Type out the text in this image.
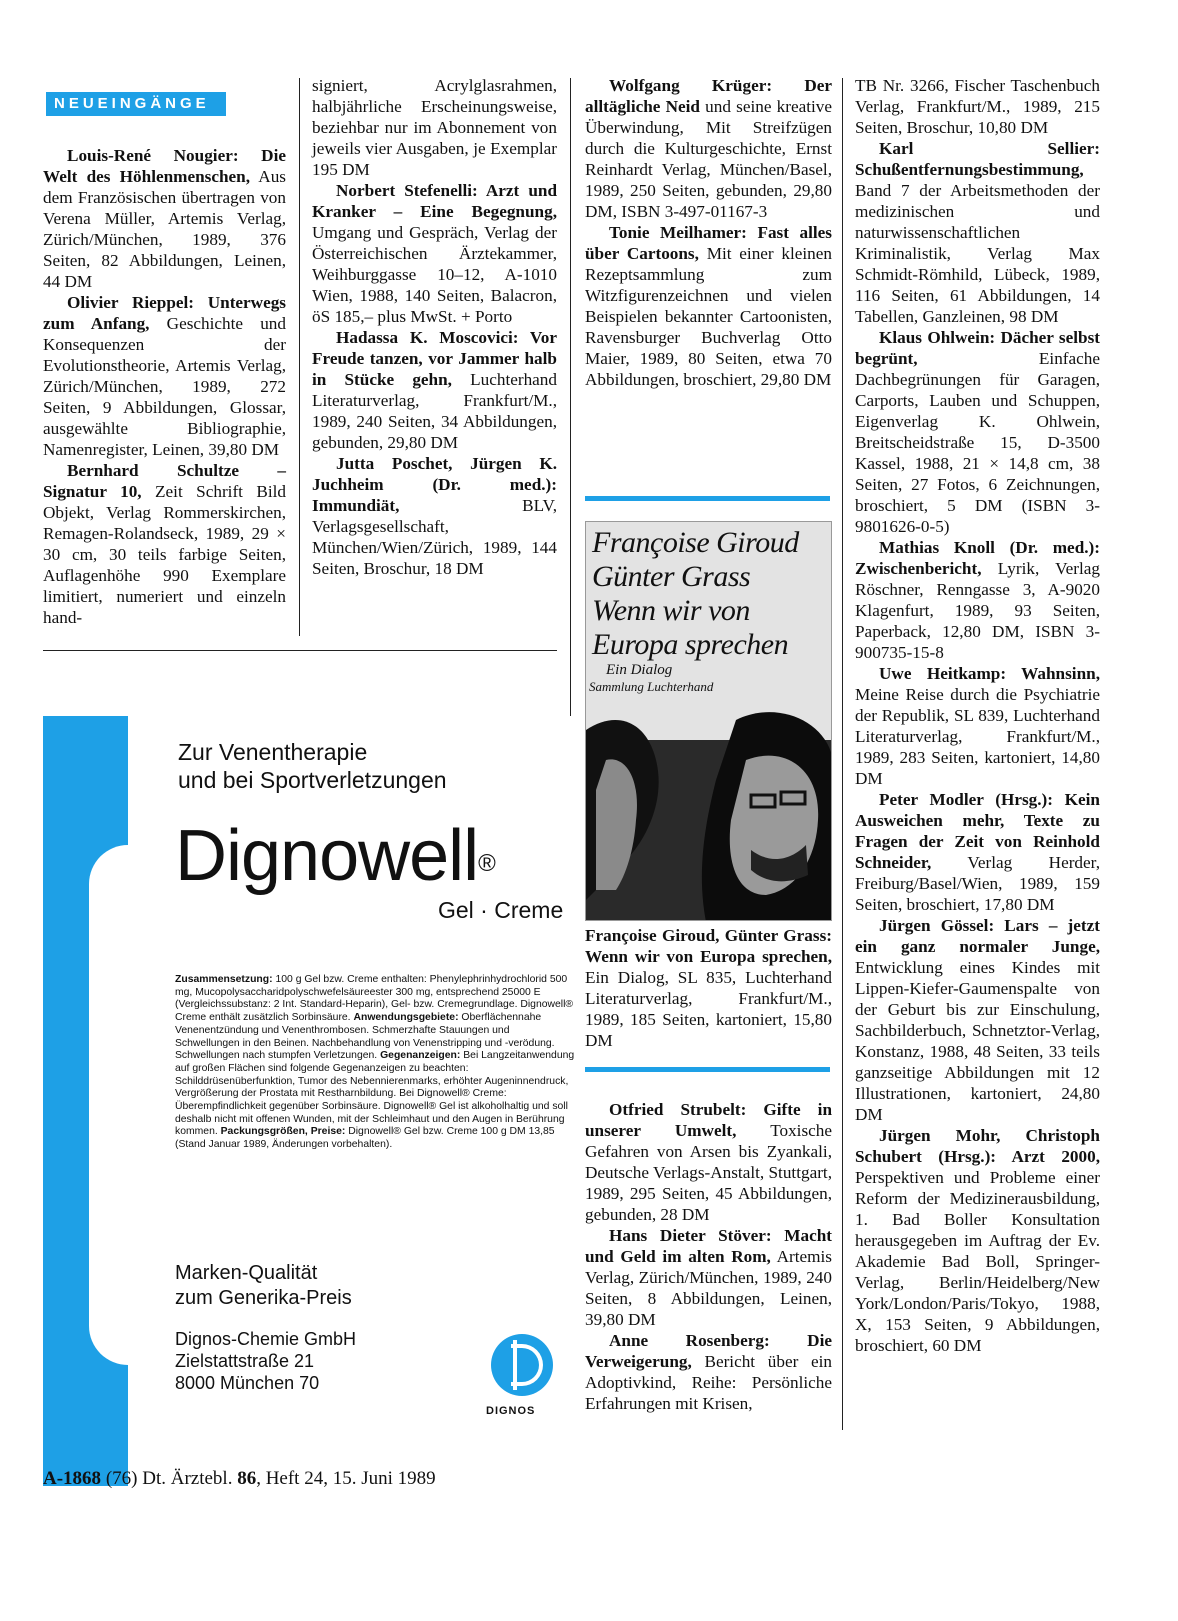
NEUEINGÄNGE

Louis-René Nougier: Die Welt des Höhlenmenschen, Aus dem Französischen übertragen von Verena Müller, Artemis Verlag, Zürich/München, 1989, 376 Seiten, 82 Abbildungen, Leinen, 44 DM

Olivier Rieppel: Unterwegs zum Anfang, Geschichte und Konsequenzen der Evolutionstheorie, Artemis Verlag, Zürich/München, 1989, 272 Seiten, 9 Abbildungen, Glossar, ausgewählte Bibliographie, Namenregister, Leinen, 39,80 DM

Bernhard Schultze – Signatur 10, Zeit Schrift Bild Objekt, Verlag Rommerskirchen, Remagen-Rolandseck, 1989, 29 × 30 cm, 30 teils farbige Seiten, Auflagenhöhe 990 Exemplare limitiert, numeriert und einzeln hand-

signiert, Acrylglasrahmen, halbjährliche Erscheinungsweise, beziehbar nur im Abonnement von jeweils vier Ausgaben, je Exemplar 195 DM

Norbert Stefenelli: Arzt und Kranker – Eine Begegnung, Umgang und Gespräch, Verlag der Österreichischen Ärztekammer, Weihburggasse 10–12, A-1010 Wien, 1988, 140 Seiten, Balacron, öS 185,– plus MwSt. + Porto

Hadassa K. Moscovici: Vor Freude tanzen, vor Jammer halb in Stücke gehn, Luchterhand Literaturverlag, Frankfurt/M., 1989, 240 Seiten, 34 Abbildungen, gebunden, 29,80 DM

Jutta Poschet, Jürgen K. Juchheim (Dr. med.): Immundiät, BLV, Verlagsgesellschaft, München/Wien/Zürich, 1989, 144 Seiten, Broschur, 18 DM

Wolfgang Krüger: Der alltägliche Neid und seine kreative Überwindung, Mit Streifzügen durch die Kulturgeschichte, Ernst Reinhardt Verlag, München/Basel, 1989, 250 Seiten, gebunden, 29,80 DM, ISBN 3-497-01167-3

Tonie Meilhamer: Fast alles über Cartoons, Mit einer kleinen Rezeptsammlung zum Witzfigurenzeichnen und vielen Beispielen bekannter Cartoonisten, Ravensburger Buchverlag Otto Maier, 1989, 80 Seiten, etwa 70 Abbildungen, broschiert, 29,80 DM

Françoise Giroud
Günter Grass
Wenn wir von
Europa sprechen
Ein Dialog
Sammlung Luchterhand

Françoise Giroud, Günter Grass: Wenn wir von Europa sprechen, Ein Dialog, SL 835, Luchterhand Literaturverlag, Frankfurt/M., 1989, 185 Seiten, kartoniert, 15,80 DM

Otfried Strubelt: Gifte in unserer Umwelt, Toxische Gefahren von Arsen bis Zyankali, Deutsche Verlags-Anstalt, Stuttgart, 1989, 295 Seiten, 45 Abbildungen, gebunden, 28 DM

Hans Dieter Stöver: Macht und Geld im alten Rom, Artemis Verlag, Zürich/München, 1989, 240 Seiten, 8 Abbildungen, Leinen, 39,80 DM

Anne Rosenberg: Die Verweigerung, Bericht über ein Adoptivkind, Reihe: Persönliche Erfahrungen mit Krisen,

TB Nr. 3266, Fischer Taschenbuch Verlag, Frankfurt/M., 1989, 215 Seiten, Broschur, 10,80 DM

Karl Sellier: Schußentfernungsbestimmung, Band 7 der Arbeitsmethoden der medizinischen und naturwissenschaftlichen Kriminalistik, Verlag Max Schmidt-Römhild, Lübeck, 1989, 116 Seiten, 61 Abbildungen, 14 Tabellen, Ganzleinen, 98 DM

Klaus Ohlwein: Dächer selbst begrünt, Einfache Dachbegrünungen für Garagen, Carports, Lauben und Schuppen, Eigenverlag K. Ohlwein, Breitscheidstraße 15, D-3500 Kassel, 1988, 21 × 14,8 cm, 38 Seiten, 27 Fotos, 6 Zeichnungen, broschiert, 5 DM (ISBN 3-9801626-0-5)

Mathias Knoll (Dr. med.): Zwischenbericht, Lyrik, Verlag Röschner, Renngasse 3, A-9020 Klagenfurt, 1989, 93 Seiten, Paperback, 12,80 DM, ISBN 3-900735-15-8

Uwe Heitkamp: Wahnsinn, Meine Reise durch die Psychiatrie der Republik, SL 839, Luchterhand Literaturverlag, Frankfurt/M., 1989, 283 Seiten, kartoniert, 14,80 DM

Peter Modler (Hrsg.): Kein Ausweichen mehr, Texte zu Fragen der Zeit von Reinhold Schneider, Verlag Herder, Freiburg/Basel/Wien, 1989, 159 Seiten, broschiert, 17,80 DM

Jürgen Gössel: Lars – jetzt ein ganz normaler Junge, Entwicklung eines Kindes mit Lippen-Kiefer-Gaumenspalte von der Geburt bis zur Einschulung, Sachbilderbuch, Schnetztor-Verlag, Konstanz, 1988, 48 Seiten, 33 teils ganzseitige Abbildungen mit 12 Illustrationen, kartoniert, 24,80 DM

Jürgen Mohr, Christoph Schubert (Hrsg.): Arzt 2000, Perspektiven und Probleme einer Reform der Medizinerausbildung, 1. Bad Boller Konsultation herausgegeben im Auftrag der Ev. Akademie Bad Boll, Springer-Verlag, Berlin/Heidelberg/New York/London/Paris/Tokyo, 1988, X, 153 Seiten, 9 Abbildungen, broschiert, 60 DM

Zur Venentherapie
und bei Sportverletzungen
Dignowell®
Gel · Creme
Zusammensetzung: 100 g Gel bzw. Creme enthalten: Phenylephrinhydrochlorid 500 mg, Mucopolysaccharidpolyschwefelsäureester 300 mg, entsprechend 25000 E (Vergleichssubstanz: 2 Int. Standard-Heparin), Gel- bzw. Cremegrundlage. Dignowell® Creme enthält zusätzlich Sorbinsäure. Anwendungsgebiete: Oberflächennahe Venenentzündung und Venenthrombosen. Schmerzhafte Stauungen und Schwellungen in den Beinen. Nachbehandlung von Venenstripping und -verödung. Schwellungen nach stumpfen Verletzungen. Gegenanzeigen: Bei Langzeitanwendung auf großen Flächen sind folgende Gegenanzeigen zu beachten: Schilddrüsenüberfunktion, Tumor des Nebennierenmarks, erhöhter Augeninnendruck, Vergrößerung der Prostata mit Restharnbildung. Bei Dignowell® Creme: Überempfindlichkeit gegenüber Sorbinsäure. Dignowell® Gel ist alkoholhaltig und soll deshalb nicht mit offenen Wunden, mit der Schleimhaut und den Augen in Berührung kommen. Packungsgrößen, Preise: Dignowell® Gel bzw. Creme 100 g DM 13,85 (Stand Januar 1989, Änderungen vorbehalten).
Marken-Qualität
zum Generika-Preis
Dignos-Chemie GmbH
Zielstattstraße 21
8000 München 70
DIGNOS
A-1868 (76) Dt. Ärztebl. 86, Heft 24, 15. Juni 1989
